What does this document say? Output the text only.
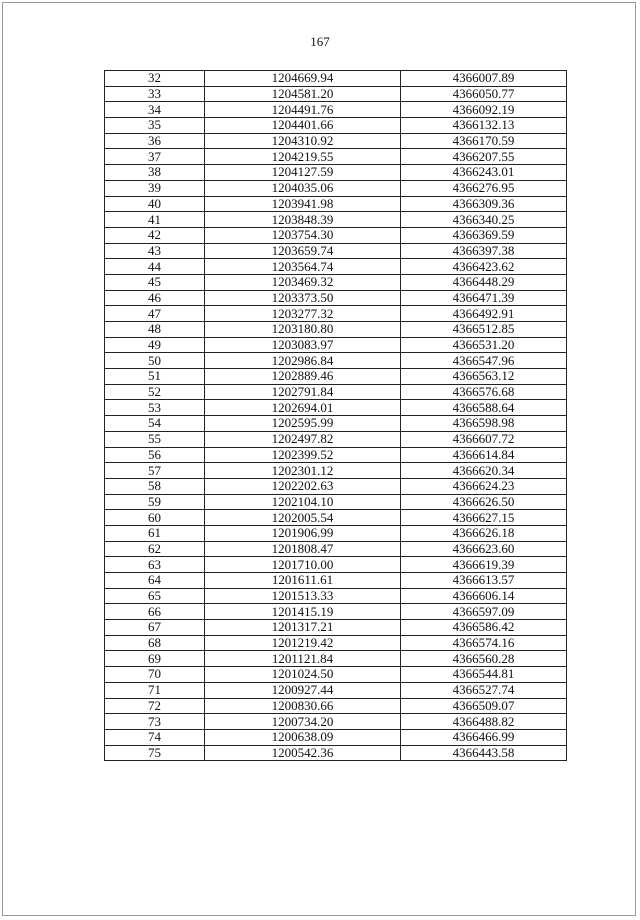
167
32	1204669.94	4366007.89
33	1204581.20	4366050.77
34	1204491.76	4366092.19
35	1204401.66	4366132.13
36	1204310.92	4366170.59
37	1204219.55	4366207.55
38	1204127.59	4366243.01
39	1204035.06	4366276.95
40	1203941.98	4366309.36
41	1203848.39	4366340.25
42	1203754.30	4366369.59
43	1203659.74	4366397.38
44	1203564.74	4366423.62
45	1203469.32	4366448.29
46	1203373.50	4366471.39
47	1203277.32	4366492.91
48	1203180.80	4366512.85
49	1203083.97	4366531.20
50	1202986.84	4366547.96
51	1202889.46	4366563.12
52	1202791.84	4366576.68
53	1202694.01	4366588.64
54	1202595.99	4366598.98
55	1202497.82	4366607.72
56	1202399.52	4366614.84
57	1202301.12	4366620.34
58	1202202.63	4366624.23
59	1202104.10	4366626.50
60	1202005.54	4366627.15
61	1201906.99	4366626.18
62	1201808.47	4366623.60
63	1201710.00	4366619.39
64	1201611.61	4366613.57
65	1201513.33	4366606.14
66	1201415.19	4366597.09
67	1201317.21	4366586.42
68	1201219.42	4366574.16
69	1201121.84	4366560.28
70	1201024.50	4366544.81
71	1200927.44	4366527.74
72	1200830.66	4366509.07
73	1200734.20	4366488.82
74	1200638.09	4366466.99
75	1200542.36	4366443.58
